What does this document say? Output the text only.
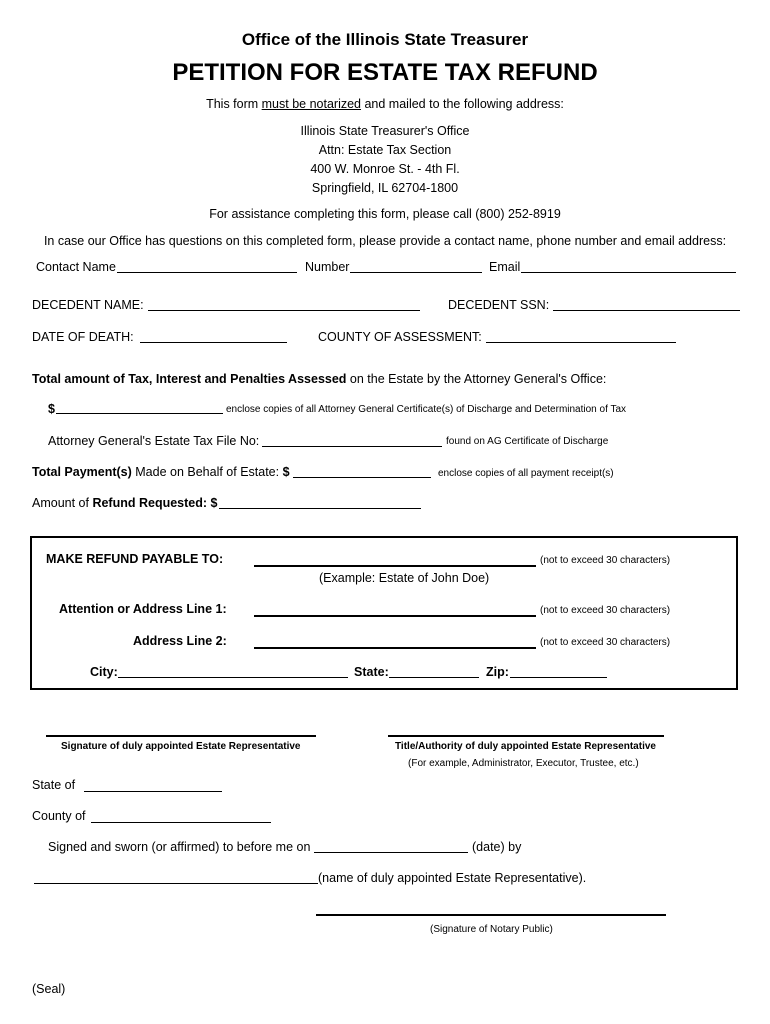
Office of the Illinois State Treasurer
PETITION FOR ESTATE TAX REFUND
This form must be notarized and mailed to the following address:
Illinois State Treasurer's Office
Attn: Estate Tax Section
400 W. Monroe St. - 4th Fl.
Springfield, IL 62704-1800
For assistance completing this form, please call (800) 252-8919
In case our Office has questions on this completed form, please provide a contact name, phone number and email address:
Contact Name	Number	Email
DECEDENT NAME:	DECEDENT SSN:
DATE OF DEATH:	COUNTY OF ASSESSMENT:
Total amount of Tax, Interest and Penalties Assessed on the Estate by the Attorney General's Office:
$	enclose copies of all Attorney General Certificate(s) of Discharge and Determination of Tax
Attorney General's Estate Tax File No:	found on AG Certificate of Discharge
Total Payment(s) Made on Behalf of Estate: $	enclose copies of all payment receipt(s)
Amount of Refund Requested: $
MAKE REFUND PAYABLE TO:	(not to exceed 30 characters)
(Example: Estate of John Doe)
Attention or Address Line 1:	(not to exceed 30 characters)
Address Line 2:	(not to exceed 30 characters)
City:	State:	Zip:
Signature of duly appointed Estate Representative	Title/Authority of duly appointed Estate Representative
(For example, Administrator, Executor, Trustee, etc.)
State of
County of
Signed and sworn (or affirmed) to before me on	(date) by
(name of duly appointed Estate Representative).
(Signature of Notary Public)
(Seal)
